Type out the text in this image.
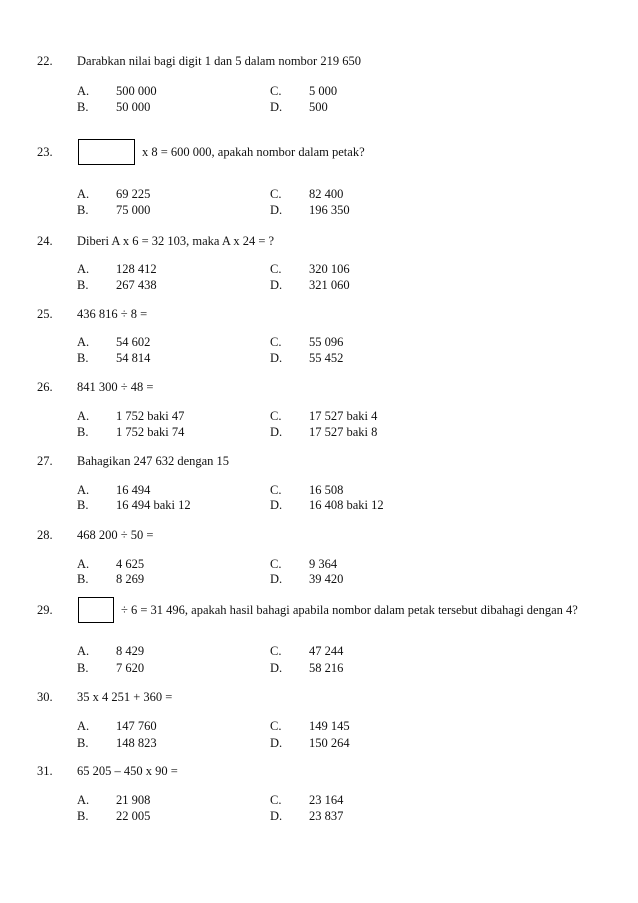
22. Darabkan nilai bagi digit 1 dan 5 dalam nombor 219 650
A. 500 000	C. 5 000
B. 50 000	D. 500
23.	x 8 = 600 000, apakah nombor dalam petak?
A. 69 225	C. 82 400
B. 75 000	D. 196 350
24. Diberi A x 6 = 32 103, maka A x 24 = ?
A. 128 412	C. 320 106
B. 267 438	D. 321 060
25. 436 816 ÷ 8 =
A. 54 602	C. 55 096
B. 54 814	D. 55 452
26. 841 300 ÷ 48 =
A. 1 752 baki 47	C. 17 527 baki 4
B. 1 752 baki 74	D. 17 527 baki 8
27. Bahagikan 247 632 dengan 15
A. 16 494	C. 16 508
B. 16 494 baki 12	D. 16 408 baki 12
28. 468 200 ÷ 50 =
A. 4 625	C. 9 364
B. 8 269	D. 39 420
29.	÷ 6 = 31 496, apakah hasil bahagi apabila nombor dalam petak tersebut dibahagi dengan 4?
A. 8 429	C. 47 244
B. 7 620	D. 58 216
30. 35 x 4 251 + 360 =
A. 147 760	C. 149 145
B. 148 823	D. 150 264
31. 65 205 – 450 x 90 =
A. 21 908	C. 23 164
B. 22 005	D. 23 837
